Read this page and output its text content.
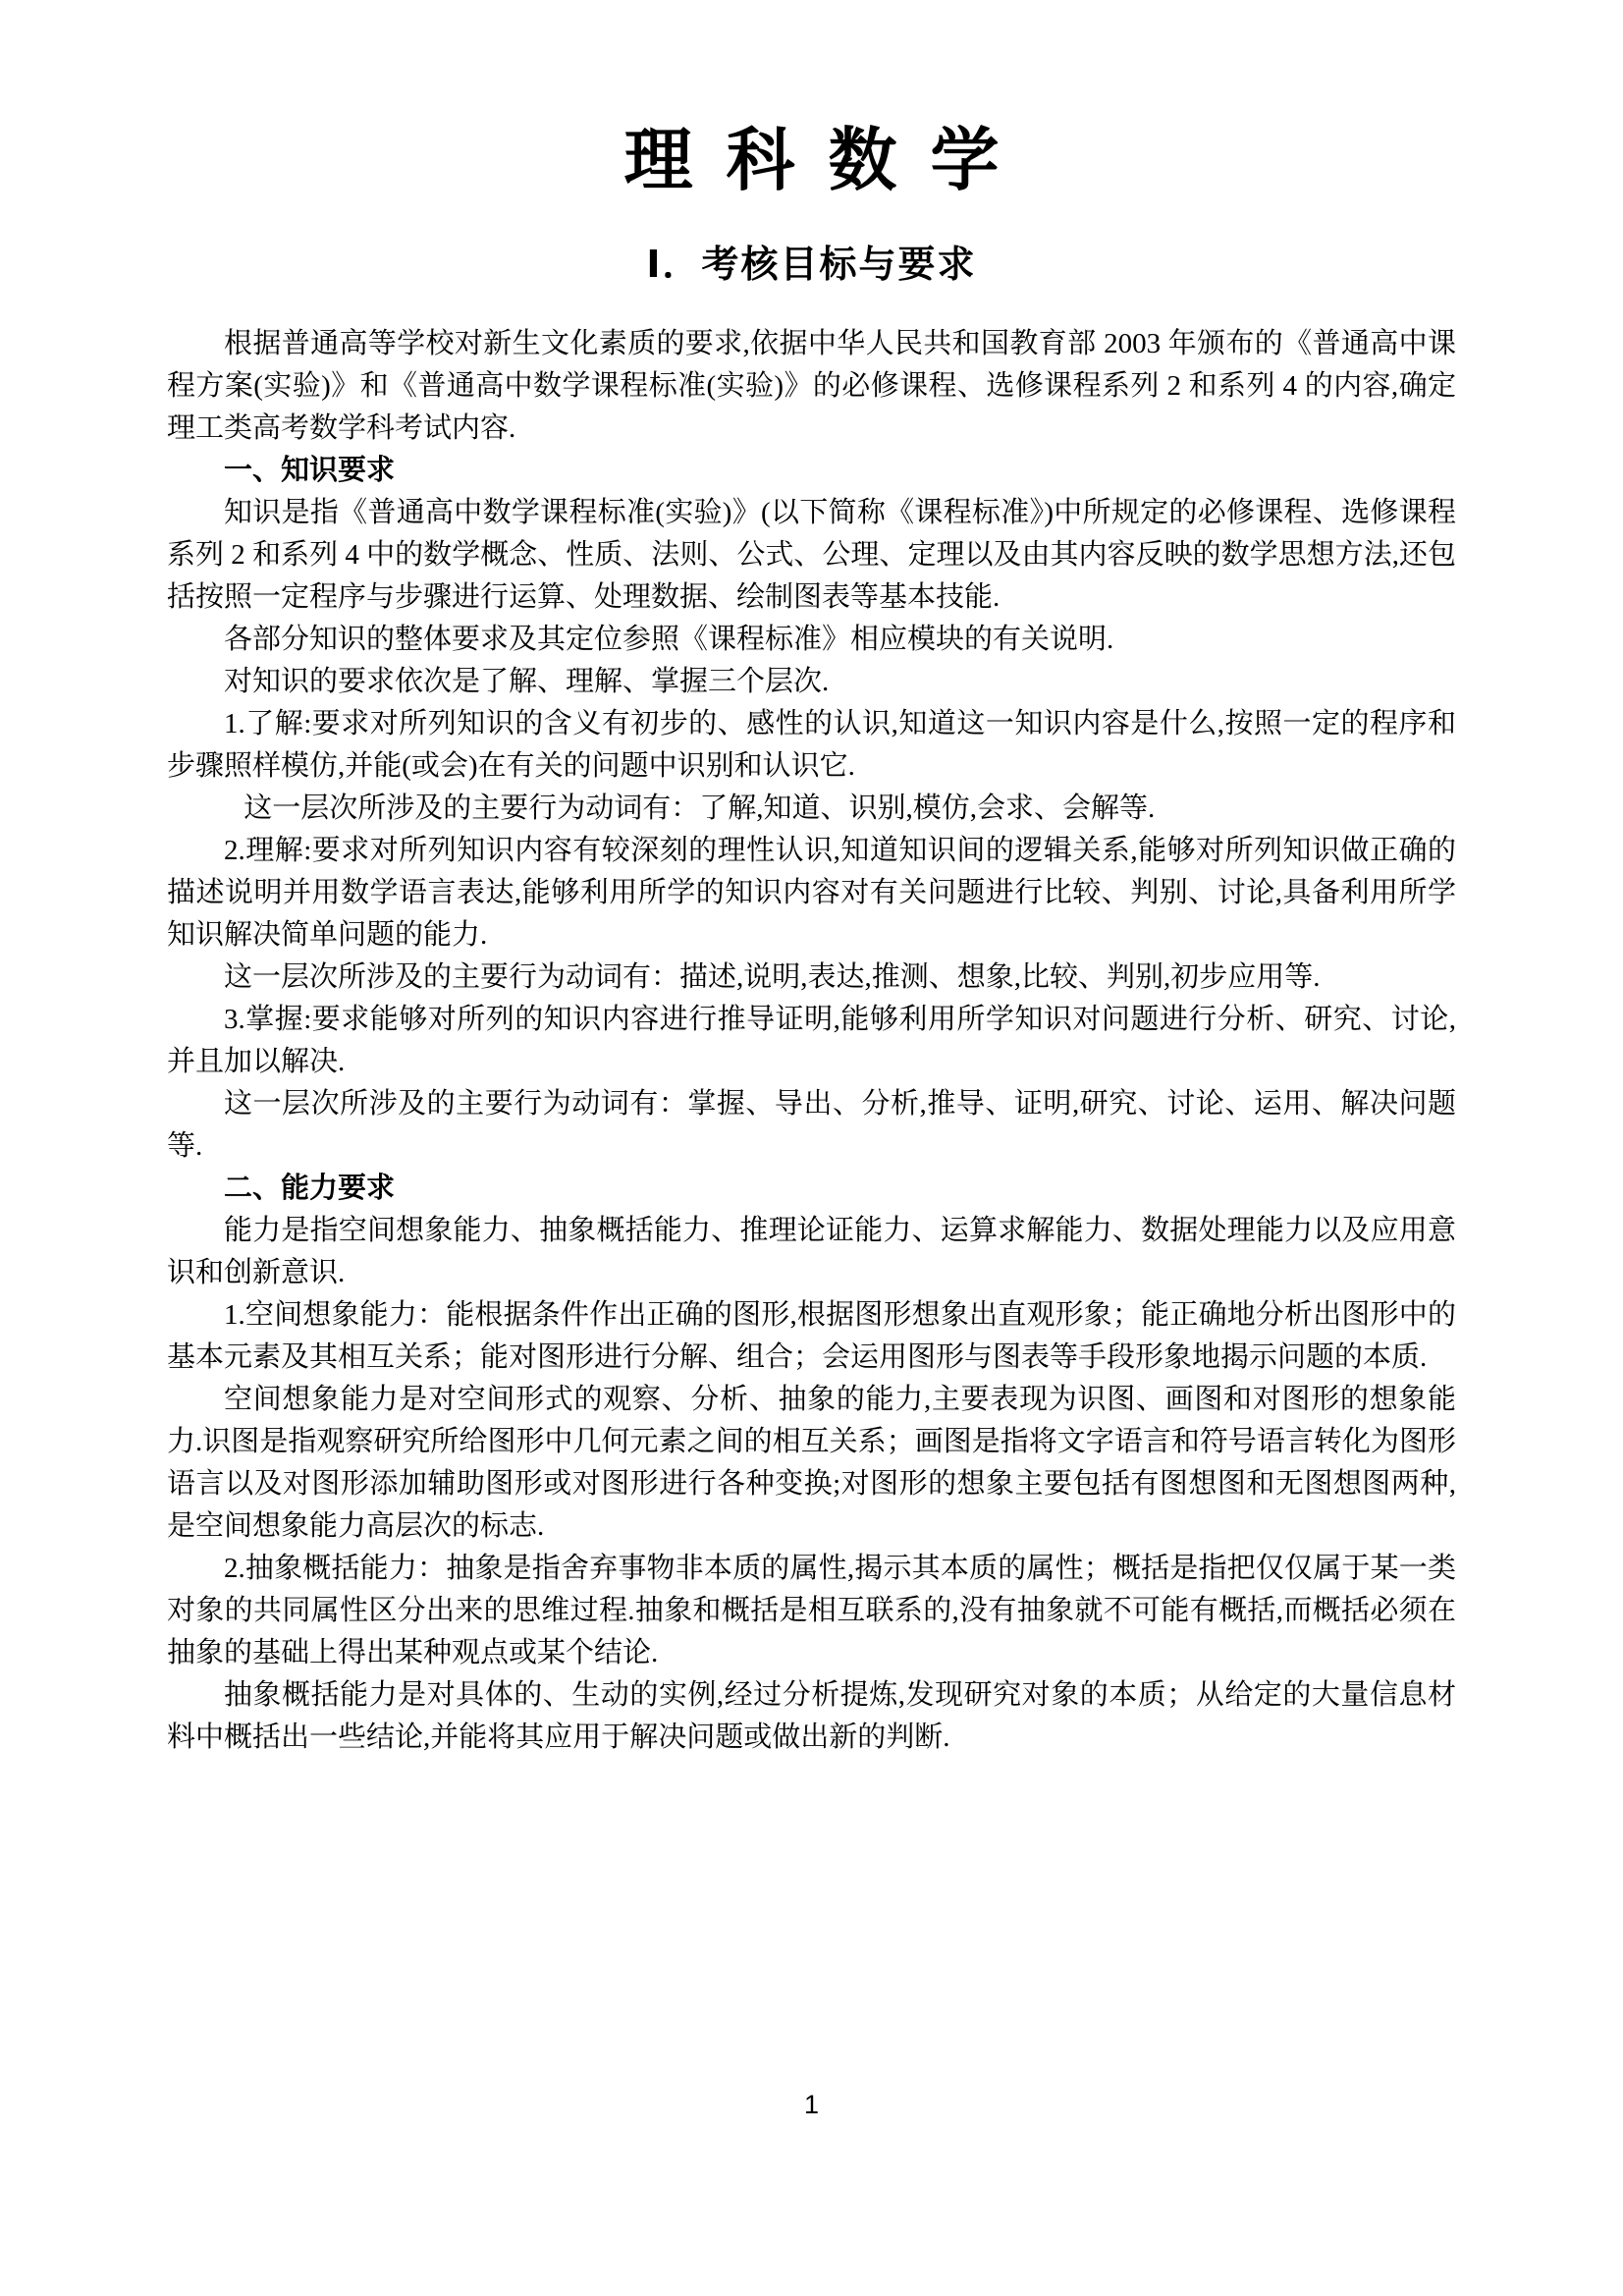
理科数学
Ⅰ．考核目标与要求

根据普通高等学校对新生文化素质的要求,依据中华人民共和国教育部 2003 年颁布的《普通高中课程方案(实验)》和《普通高中数学课程标准(实验)》的必修课程、选修课程系列 2 和系列 4 的内容,确定理工类高考数学科考试内容.

一、知识要求

知识是指《普通高中数学课程标准(实验)》(以下简称《课程标准》)中所规定的必修课程、选修课程系列 2 和系列 4 中的数学概念、性质、法则、公式、公理、定理以及由其内容反映的数学思想方法,还包括按照一定程序与步骤进行运算、处理数据、绘制图表等基本技能.

各部分知识的整体要求及其定位参照《课程标准》相应模块的有关说明.

对知识的要求依次是了解、理解、掌握三个层次.

1.了解:要求对所列知识的含义有初步的、感性的认识,知道这一知识内容是什么,按照一定的程序和步骤照样模仿,并能(或会)在有关的问题中识别和认识它.

这一层次所涉及的主要行为动词有：了解,知道、识别,模仿,会求、会解等.

2.理解:要求对所列知识内容有较深刻的理性认识,知道知识间的逻辑关系,能够对所列知识做正确的描述说明并用数学语言表达,能够利用所学的知识内容对有关问题进行比较、判别、讨论,具备利用所学知识解决简单问题的能力.

这一层次所涉及的主要行为动词有：描述,说明,表达,推测、想象,比较、判别,初步应用等.

3.掌握:要求能够对所列的知识内容进行推导证明,能够利用所学知识对问题进行分析、研究、讨论,并且加以解决.

这一层次所涉及的主要行为动词有：掌握、导出、分析,推导、证明,研究、讨论、运用、解决问题等.

二、能力要求

能力是指空间想象能力、抽象概括能力、推理论证能力、运算求解能力、数据处理能力以及应用意识和创新意识.

1.空间想象能力：能根据条件作出正确的图形,根据图形想象出直观形象；能正确地分析出图形中的基本元素及其相互关系；能对图形进行分解、组合；会运用图形与图表等手段形象地揭示问题的本质.

空间想象能力是对空间形式的观察、分析、抽象的能力,主要表现为识图、画图和对图形的想象能力.识图是指观察研究所给图形中几何元素之间的相互关系；画图是指将文字语言和符号语言转化为图形语言以及对图形添加辅助图形或对图形进行各种变换;对图形的想象主要包括有图想图和无图想图两种,是空间想象能力高层次的标志.

2.抽象概括能力：抽象是指舍弃事物非本质的属性,揭示其本质的属性；概括是指把仅仅属于某一类对象的共同属性区分出来的思维过程.抽象和概括是相互联系的,没有抽象就不可能有概括,而概括必须在抽象的基础上得出某种观点或某个结论.

抽象概括能力是对具体的、生动的实例,经过分析提炼,发现研究对象的本质；从给定的大量信息材料中概括出一些结论,并能将其应用于解决问题或做出新的判断.

1
